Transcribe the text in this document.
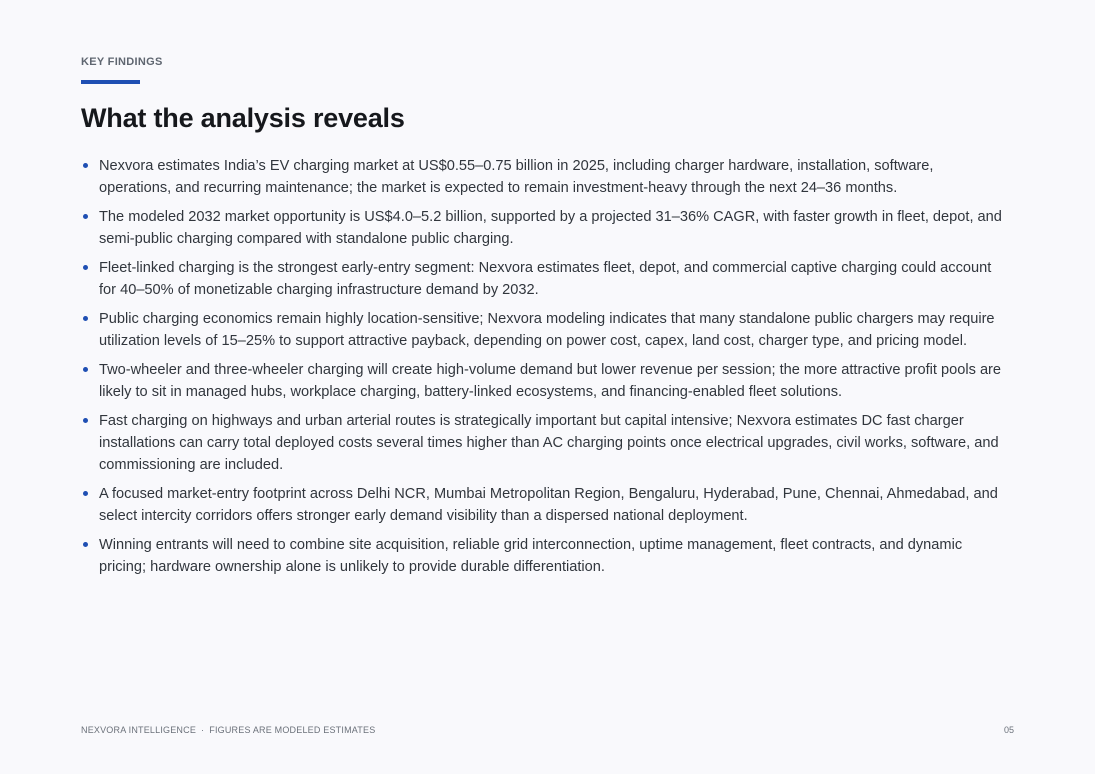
KEY FINDINGS
What the analysis reveals
Nexvora estimates India’s EV charging market at US$0.55–0.75 billion in 2025, including charger hardware, installation, software, operations, and recurring maintenance; the market is expected to remain investment-heavy through the next 24–36 months.
The modeled 2032 market opportunity is US$4.0–5.2 billion, supported by a projected 31–36% CAGR, with faster growth in fleet, depot, and semi-public charging compared with standalone public charging.
Fleet-linked charging is the strongest early-entry segment: Nexvora estimates fleet, depot, and commercial captive charging could account for 40–50% of monetizable charging infrastructure demand by 2032.
Public charging economics remain highly location-sensitive; Nexvora modeling indicates that many standalone public chargers may require utilization levels of 15–25% to support attractive payback, depending on power cost, capex, land cost, charger type, and pricing model.
Two-wheeler and three-wheeler charging will create high-volume demand but lower revenue per session; the more attractive profit pools are likely to sit in managed hubs, workplace charging, battery-linked ecosystems, and financing-enabled fleet solutions.
Fast charging on highways and urban arterial routes is strategically important but capital intensive; Nexvora estimates DC fast charger installations can carry total deployed costs several times higher than AC charging points once electrical upgrades, civil works, software, and commissioning are included.
A focused market-entry footprint across Delhi NCR, Mumbai Metropolitan Region, Bengaluru, Hyderabad, Pune, Chennai, Ahmedabad, and select intercity corridors offers stronger early demand visibility than a dispersed national deployment.
Winning entrants will need to combine site acquisition, reliable grid interconnection, uptime management, fleet contracts, and dynamic pricing; hardware ownership alone is unlikely to provide durable differentiation.
NEXVORA INTELLIGENCE · FIGURES ARE MODELED ESTIMATES	05
